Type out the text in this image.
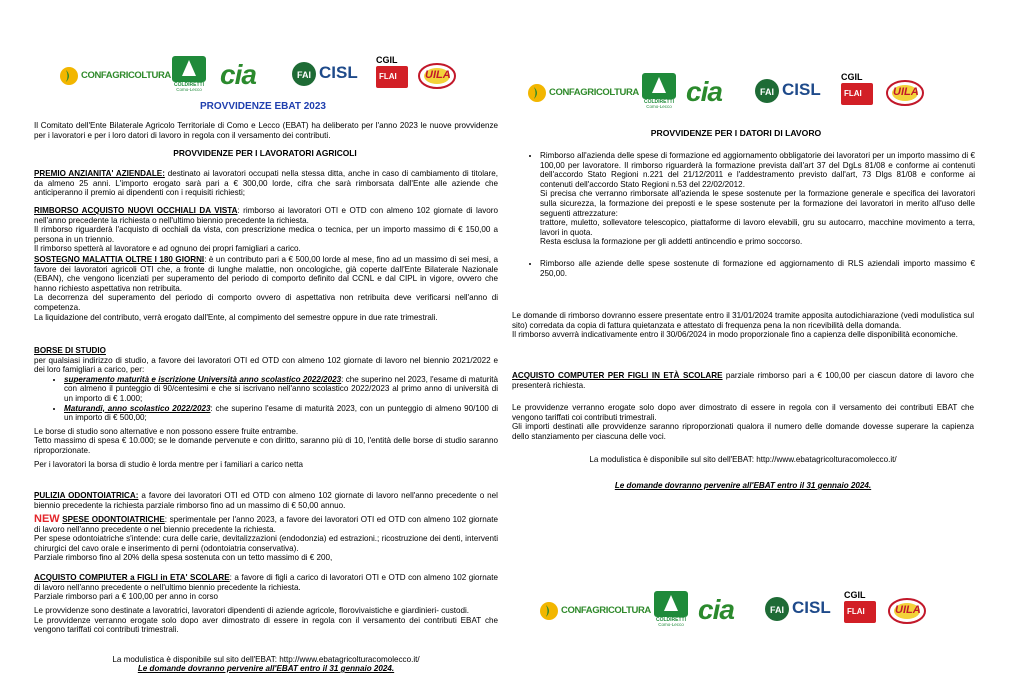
CONFAGRICOLTURA
COLDIRETTI
Como-Lecco cia	FAI CISL
CGIL
FLAI	UILA
CONFAGRICOLTURA
COLDIRETTI
Como-Lecco cia	FAI CISL
CGIL
FLAI	UILA
CONFAGRICOLTURA
COLDIRETTI
Como-Lecco cia	FAI CISL
CGIL
FLAI	UILA
PROVVIDENZE EBAT 2023
Il Comitato dell'Ente Bilaterale Agricolo Territoriale di Como e Lecco (EBAT) ha deliberato per l'anno 2023 le nuove provvidenze per i lavoratori e per i loro datori di lavoro in regola con il versamento dei contributi.
PROVVIDENZE PER I LAVORATORI AGRICOLI
PREMIO ANZIANITA' AZIENDALE: destinato ai lavoratori occupati nella stessa ditta, anche in caso di cambiamento di titolare, da almeno 25 anni. L'importo erogato sarà pari a € 300,00 lorde, cifra che sarà rimborsata dall'Ente alle aziende che anticiperanno il premio ai dipendenti con i requisiti richiesti;

RIMBORSO ACQUISTO NUOVI OCCHIALI DA VISTA: rimborso ai lavoratori OTI e OTD con almeno 102 giornate di lavoro nell'anno precedente la richiesta o nell'ultimo biennio precedente la richiesta.

Il rimborso riguarderà l'acquisto di occhiali da vista, con prescrizione medica o tecnica, per un importo massimo di € 150,00 a persona in un triennio.

Il rimborso spetterà al lavoratore e ad ognuno dei propri famigliari a carico.

SOSTEGNO MALATTIA OLTRE I 180 GIORNI: è un contributo pari a € 500,00 lorde al mese, fino ad un massimo di sei mesi, a favore dei lavoratori agricoli OTI che, a fronte di lunghe malattie, non oncologiche, già coperte dall'Ente Bilaterale Nazionale (EBAN), che vengono licenziati per superamento del periodo di comporto definito dal CCNL e dal CIPL in vigore, ovvero che hanno richiesto aspettativa non retribuita.

La decorrenza del superamento del periodo di comporto ovvero di aspettativa non retribuita deve verificarsi nell'anno di competenza.

La liquidazione del contributo, verrà erogato dall'Ente, al compimento del semestre oppure in due rate trimestrali.

BORSE DI STUDIO

per qualsiasi indirizzo di studio, a favore dei lavoratori OTI ed OTD con almeno 102 giornate di lavoro nel biennio 2021/2022 e dei loro famigliari a carico, per:

• superamento maturità e iscrizione Università anno scolastico 2022/2023: che superino nel 2023, l'esame di maturità con almeno il punteggio di 90/centesimi e che si iscrivano nell'anno scolastico 2022/2023 al primo anno di università di un importo di € 1.000;
• Maturandi, anno scolastico 2022/2023: che superino l'esame di maturità 2023, con un punteggio di almeno 90/100 di un importo di € 500,00;

Le borse di studio sono alternative e non possono essere fruite entrambe.

Tetto massimo di spesa € 10.000; se le domande pervenute e con diritto, saranno più di 10, l'entità delle borse di studio saranno riproporzionate.

Per i lavoratori la borsa di studio è lorda mentre per i familiari a carico netta

PULIZIA ODONTOIATRICA: a favore dei lavoratori OTI ed OTD con almeno 102 giornate di lavoro nell'anno precedente o nel biennio precedente la richiesta parziale rimborso fino ad un massimo di € 50,00 annuo.

NEW SPESE ODONTOIATRICHE: sperimentale per l'anno 2023, a favore dei lavoratori OTI ed OTD con almeno 102 giornate di lavoro nell'anno precedente o nel biennio precedente la richiesta.

Per spese odontoiatriche s'intende: cura delle carie, devitalizzazioni (endodonzia) ed estrazioni.; ricostruzione dei denti, interventi chirurgici del cavo orale e inserimento di perni (odontoiatria conservativa).

Parziale rimborso fino al 20% della spesa sostenuta con un tetto massimo di € 200,

ACQUISTO COMPIUTER a FIGLI in ETA' SCOLARE: a favore di figli a carico di lavoratori OTI e OTD con almeno 102 giornate di lavoro nell'anno precedente o nell'ultimo biennio precedente la richiesta.

Parziale rimborso pari a € 100,00 per anno in corso

Le provvidenze sono destinate a lavoratrici, lavoratori dipendenti di aziende agricole, florovivaistiche e giardinieri- custodi.

Le provvidenze verranno erogate solo dopo aver dimostrato di essere in regola con il versamento dei contributi EBAT che vengono tariffati coi contributi trimestrali.

La modulistica è disponibile sul sito dell'EBAT: http://www.ebatagricolturacomolecco.it/
Le domande dovranno pervenire all'EBAT entro il 31 gennaio 2024.
PROVVIDENZE PER I DATORI DI LAVORO

• Rimborso all'azienda delle spese di formazione ed aggiornamento obbligatorie dei lavoratori per un importo massimo di € 100,00 per lavoratore. Il rimborso riguarderà la formazione prevista dall'art 37 del DgLs 81/08 e conforme ai contenuti dell'accordo Stato Regioni n.221 del 21/12/2011 e l'addestramento previsto dall'art, 73 Dlgs 81/08 e conforme ai contenuti dell'accordo Stato Regioni n.53 del 22/02/2012.

Si precisa che verranno rimborsate all'azienda le spese sostenute per la formazione generale e specifica dei lavoratori sulla sicurezza, la formazione dei preposti e le spese sostenute per la formazione dei lavoratori in merito all'uso delle seguenti attrezzature:

trattore, muletto, sollevatore telescopico, piattaforme di lavoro elevabili, gru su autocarro, macchine movimento a terra, lavori in quota.

Resta esclusa la formazione per gli addetti antincendio e primo soccorso.

• Rimborso alle aziende delle spese sostenute di formazione ed aggiornamento di RLS aziendali importo massimo € 250,00.

Le domande di rimborso dovranno essere presentate entro il 31/01/2024 tramite apposita autodichiarazione (vedi modulistica sul sito) corredata da copia di fattura quietanzata e attestato di frequenza pena la non ricevibilità della domanda.

Il rimborso avverrà indicativamente entro il 30/06/2024 in modo proporzionale fino a capienza delle disponibilità economiche.

ACQUISTO COMPUTER PER FIGLI IN ETÀ SCOLARE parziale rimborso pari a € 100,00 per ciascun datore di lavoro che presenterà richiesta.

Le provvidenze verranno erogate solo dopo aver dimostrato di essere in regola con il versamento dei contributi EBAT che vengono tariffati coi contributi trimestrali.

Gli importi destinati alle provvidenze saranno riproporzionati qualora il numero delle domande dovesse superare la capienza dello stanziamento per ciascuna delle voci.

La modulistica è disponibile sul sito dell'EBAT: http://www.ebatagricolturacomolecco.it/
Le domande dovranno pervenire all'EBAT entro il 31 gennaio 2024.
